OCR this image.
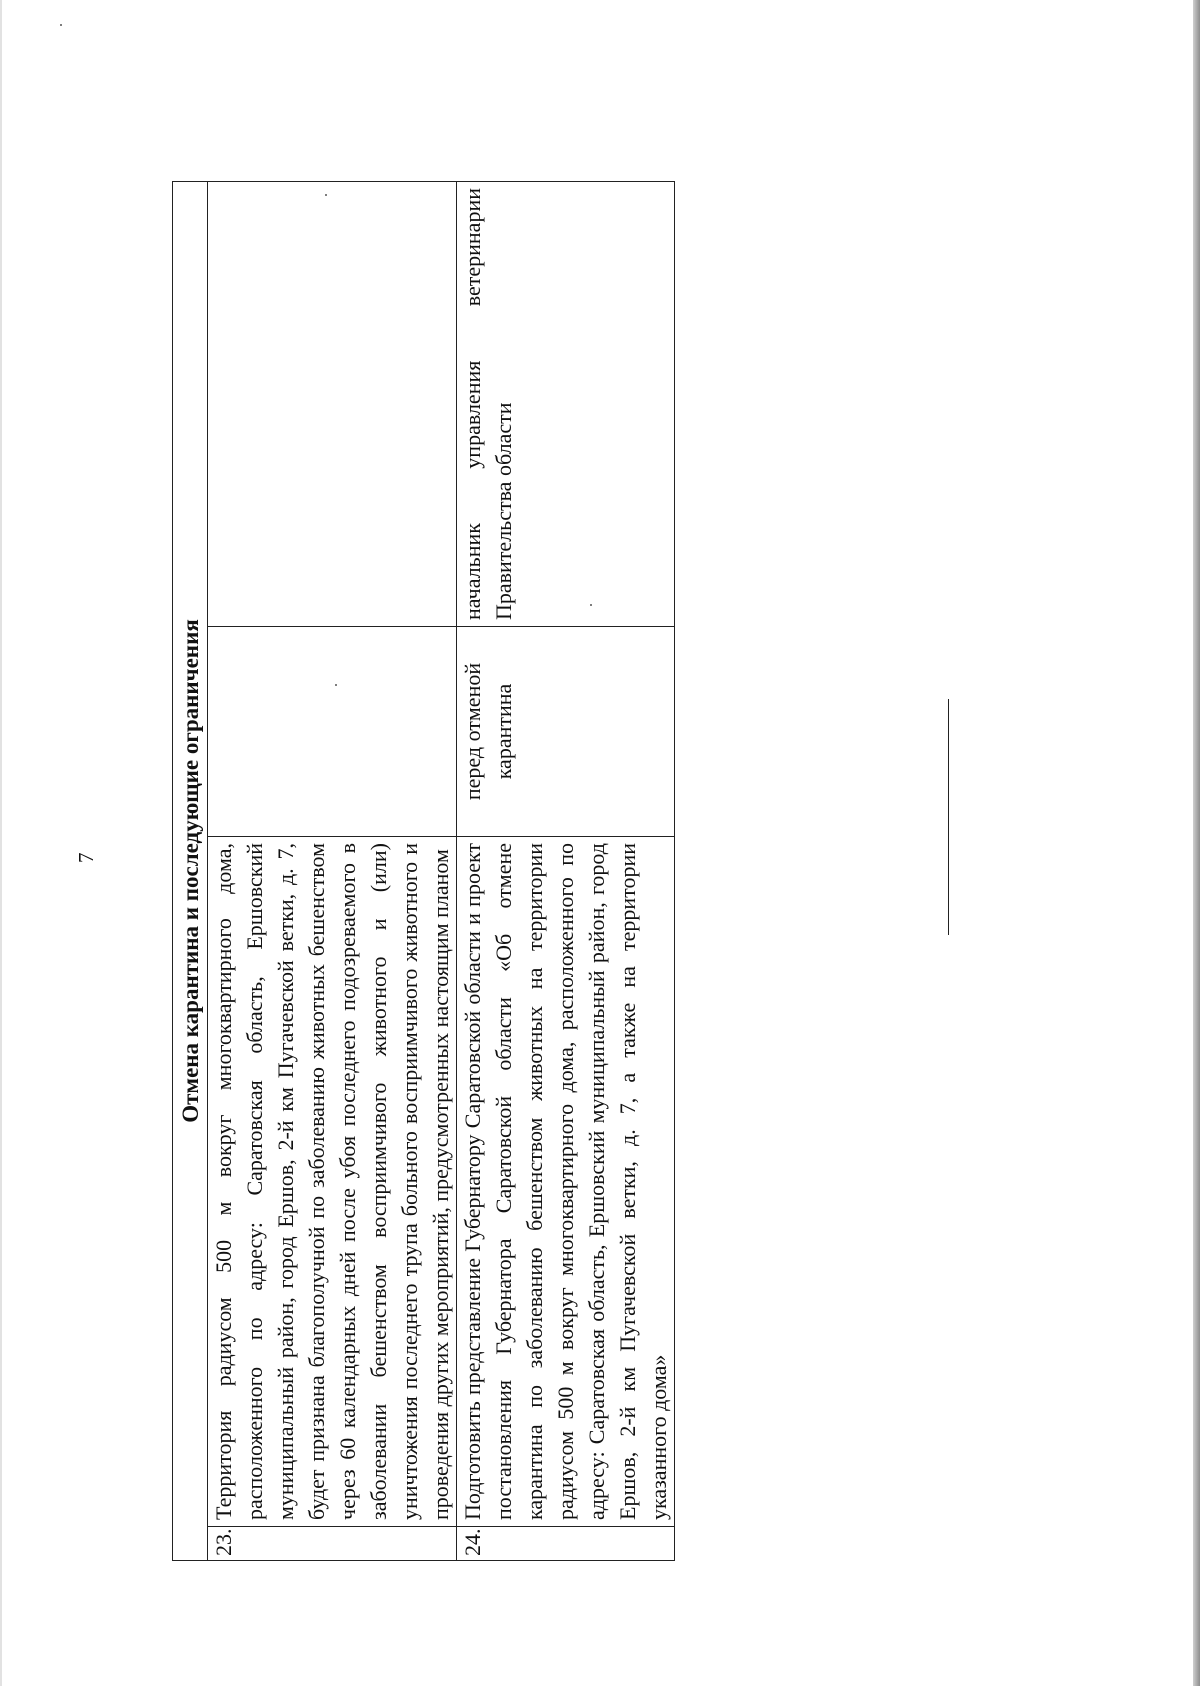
7	Отмена карантина и последующие ограничения			
23.	Территория радиусом 500 м вокруг многоквартирного дома, расположенного по адресу: Саратовская область, Ершовский муниципальный район, город Ершов, 2-й км Пугачевской ветки, д. 7, будет признана благополучной по заболеванию животных бешенством через 60 календарных дней после убоя последнего подозреваемого в заболевании бешенством восприимчивого животного и (или) уничтожения последнего трупа больного восприимчивого животного и проведения других мероприятий, предусмотренных настоящим планом		
24.	Подготовить представление Губернатору Саратовской области и проект постановления Губернатора Саратовской области «Об отмене карантина по заболеванию бешенством животных на территории радиусом 500 м вокруг многоквартирного дома, расположенного по адресу: Саратовская область, Ершовский муниципальный район, город Ершов, 2-й км Пугачевской ветки, д. 7, а также на территории указанного дома»	перед отменой карантина	начальник управления ветеринарии Правительства области
